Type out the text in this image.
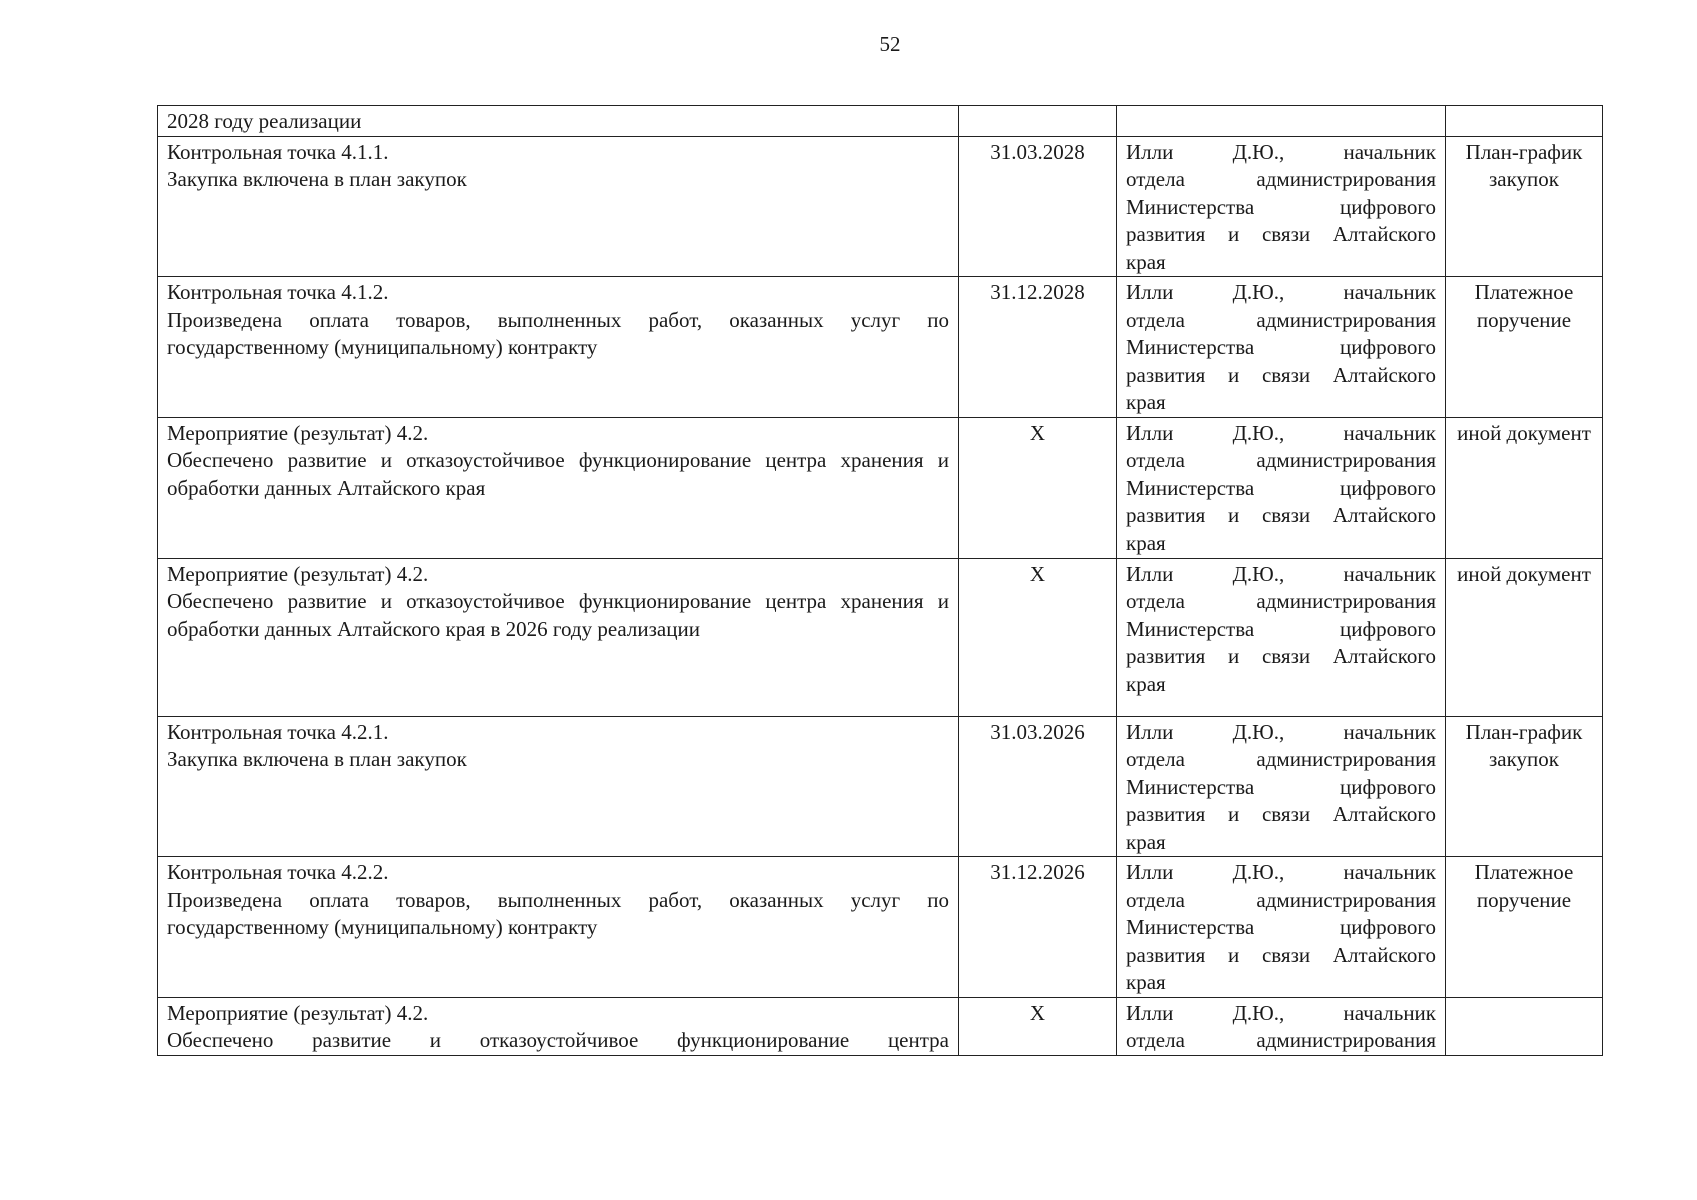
52
2028 году реализации			

Контрольная точка 4.1.1.
Закупка включена в план закупок	31.03.2028	Илли Д.Ю., начальник
отдела администрирования
Министерства цифрового
развития и связи Алтайского
края	План-график закупок

Контрольная точка 4.1.2.
Произведена оплата товаров, выполненных работ, оказанных услуг по государственному (муниципальному) контракту	31.12.2028	Илли Д.Ю., начальник
отдела администрирования
Министерства цифрового
развития и связи Алтайского
края	Платежное поручение

Мероприятие (результат) 4.2.
Обеспечено развитие и отказоустойчивое функционирование центра хранения и обработки данных Алтайского края	Х	Илли Д.Ю., начальник
отдела администрирования
Министерства цифрового
развития и связи Алтайского
края	иной документ

Мероприятие (результат) 4.2.
Обеспечено развитие и отказоустойчивое функционирование центра хранения и обработки данных Алтайского края в 2026 году реализации	Х	Илли Д.Ю., начальник
отдела администрирования
Министерства цифрового
развития и связи Алтайского
края	иной документ

Контрольная точка 4.2.1.
Закупка включена в план закупок	31.03.2026	Илли Д.Ю., начальник
отдела администрирования
Министерства цифрового
развития и связи Алтайского
края	План-график закупок

Контрольная точка 4.2.2.
Произведена оплата товаров, выполненных работ, оказанных услуг по государственному (муниципальному) контракту	31.12.2026	Илли Д.Ю., начальник
отдела администрирования
Министерства цифрового
развития и связи Алтайского
края	Платежное поручение

Мероприятие (результат) 4.2.
Обеспечено развитие и отказоустойчивое функционирование центра	Х	Илли Д.Ю., начальник
отдела администрирования	
